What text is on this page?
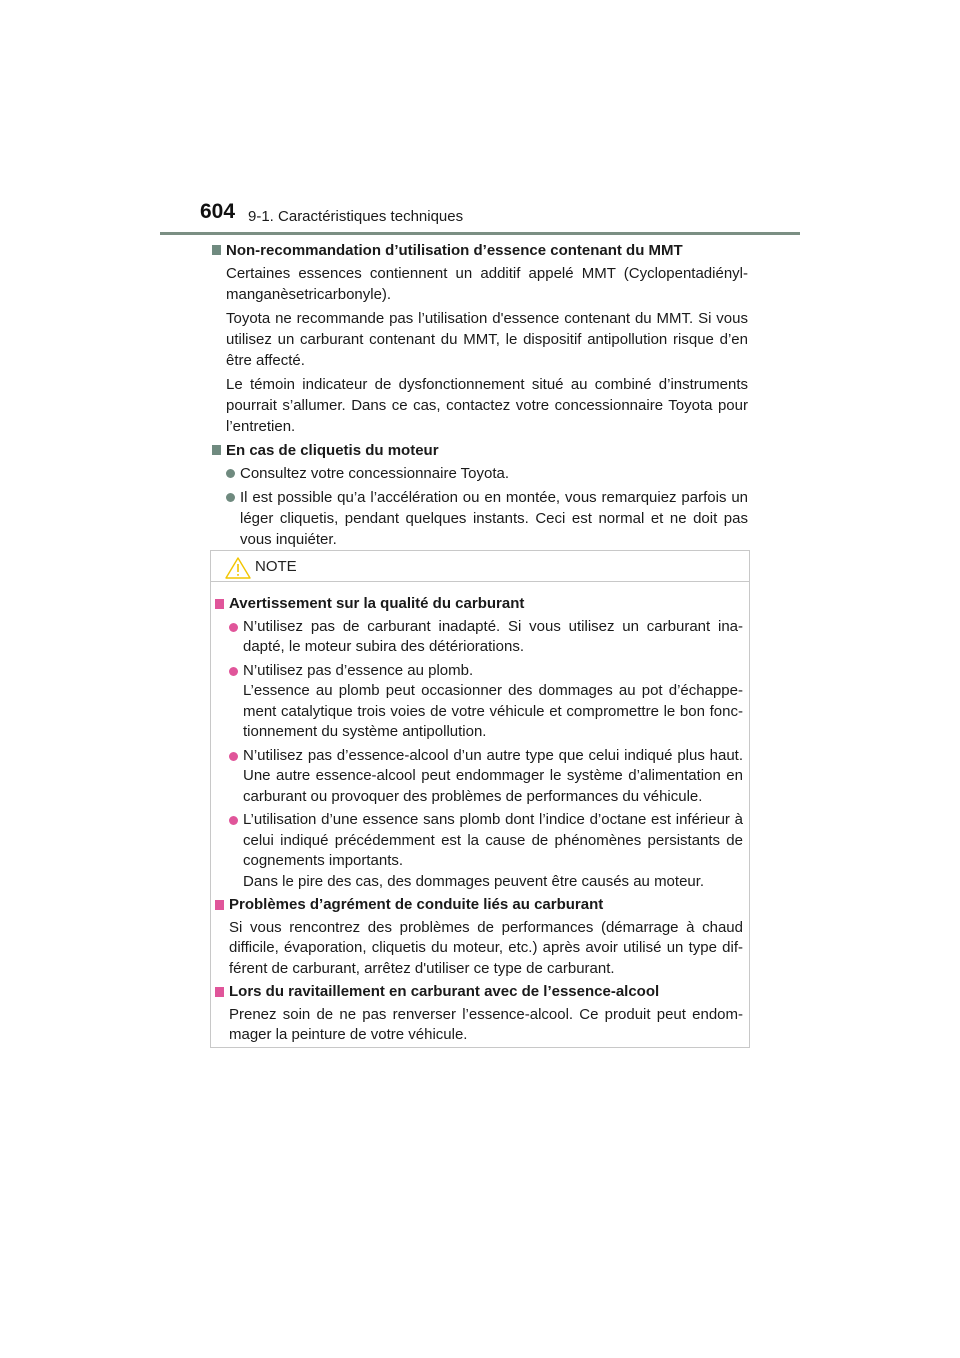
604 9-1. Caractéristiques techniques
Non-recommandation d’utilisation d’essence contenant du MMT

Certaines essences contiennent un additif appelé MMT (Cyclopentadiényl-manganèsetricarbonyle).

Toyota ne recommande pas l’utilisation d'essence contenant du MMT. Si vous utilisez un carburant contenant du MMT, le dispositif antipollution risque d’en être affecté.

Le témoin indicateur de dysfonctionnement situé au combiné d’instruments pourrait s’allumer. Dans ce cas, contactez votre concessionnaire Toyota pour l’entretien.

En cas de cliquetis du moteur
Consultez votre concessionnaire Toyota.
Il est possible qu’a l’accélération ou en montée, vous remarquiez parfois un léger cliquetis, pendant quelques instants. Ceci est normal et ne doit pas vous inquiéter.
NOTE
Avertissement sur la qualité du carburant
N’utilisez pas de carburant inadapté. Si vous utilisez un carburant ina-dapté, le moteur subira des détériorations.
N’utilisez pas d’essence au plomb.
L’essence au plomb peut occasionner des dommages au pot d’échappe-ment catalytique trois voies de votre véhicule et compromettre le bon fonc-tionnement du système antipollution.
N’utilisez pas d’essence-alcool d’un autre type que celui indiqué plus haut. Une autre essence-alcool peut endommager le système d’alimentation en carburant ou provoquer des problèmes de performances du véhicule.
L’utilisation d’une essence sans plomb dont l’indice d’octane est inférieur à celui indiqué précédemment est la cause de phénomènes persistants de cognements importants.
Dans le pire des cas, des dommages peuvent être causés au moteur.
Problèmes d’agrément de conduite liés au carburant

Si vous rencontrez des problèmes de performances (démarrage à chaud difficile, évaporation, cliquetis du moteur, etc.) après avoir utilisé un type dif-férent de carburant, arrêtez d'utiliser ce type de carburant.

Lors du ravitaillement en carburant avec de l’essence-alcool

Prenez soin de ne pas renverser l’essence-alcool. Ce produit peut endom-mager la peinture de votre véhicule.
